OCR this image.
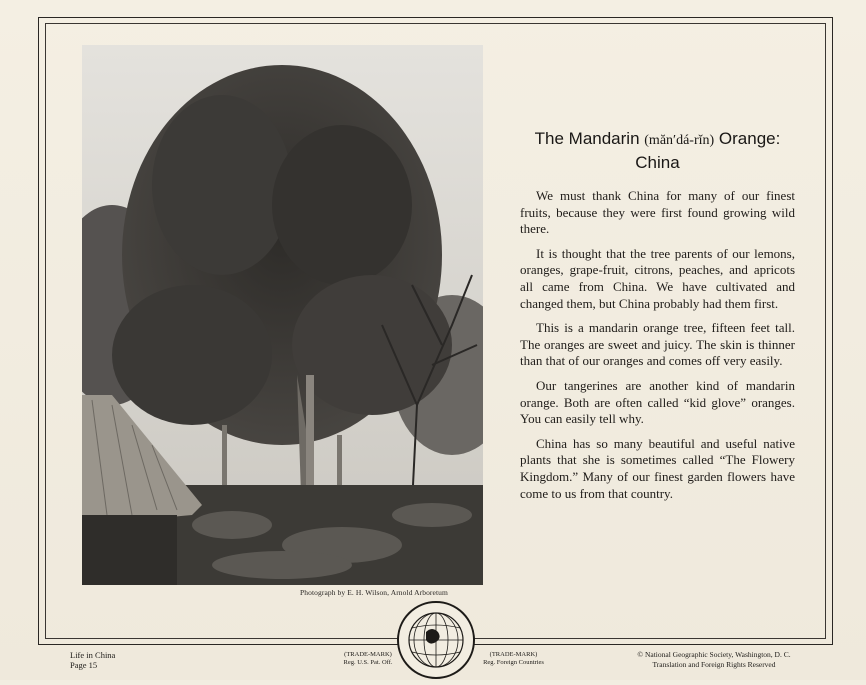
Photograph by E. H. Wilson, Arnold Arboretum
The Mandarin (măn′dá-rĭn) Orange:
China

We must thank China for many of our finest fruits, because they were first found growing wild there.

It is thought that the tree parents of our lemons, oranges, grape-fruit, citrons, peaches, and apricots all came from China. We have cultivated and changed them, but China probably had them first.

This is a mandarin orange tree, fifteen feet tall. The oranges are sweet and juicy. The skin is thinner than that of our oranges and comes off very easily.

Our tangerines are another kind of mandarin orange. Both are often called “kid glove” oranges. You can easily tell why.

China has so many beautiful and useful native plants that she is sometimes called “The Flowery Kingdom.” Many of our finest garden flowers have come to us from that country.

Life in China
Page 15
(TRADE-MARK)
Reg. U.S. Pat. Off.
(TRADE-MARK)
Reg. Foreign Countries
© National Geographic Society, Washington, D. C.
Translation and Foreign Rights Reserved
